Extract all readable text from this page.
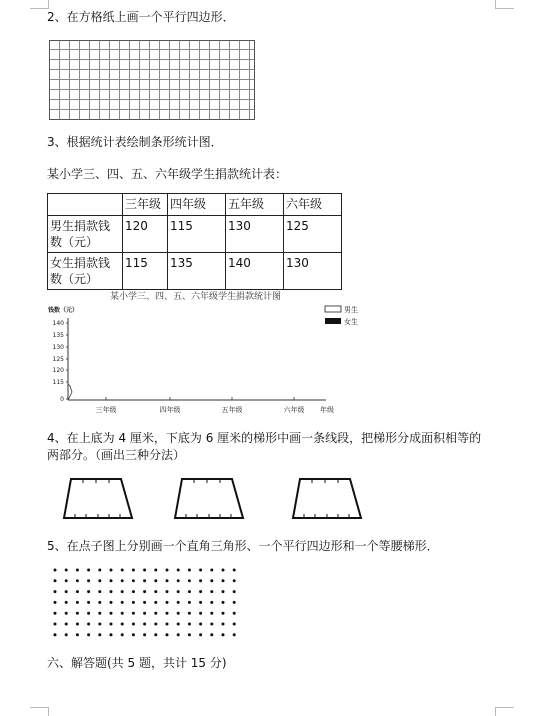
2、在方格纸上画一个平行四边形．
3、根据统计表绘制条形统计图．
某小学三、四、五、六年级学生捐款统计表：
	三年级	四年级	五年级	六年级
男生捐款钱
数（元）	120	115	130	125
女生捐款钱
数（元）	115	135	140	130
某小学三、四、五、六年级学生捐款统计图
钱数（元）
140
135
130
125
120
115
0
三年级	四年级	五年级	六年级 年级
男生
女生
4、在上底为 4 厘米，下底为 6 厘米的梯形中画一条线段，把梯形分成面积相等的
两部分。（画出三种分法）
5、在点子图上分别画一个直角三角形、一个平行四边形和一个等腰梯形．
六、解答题(共 5 题，共计 15 分)
